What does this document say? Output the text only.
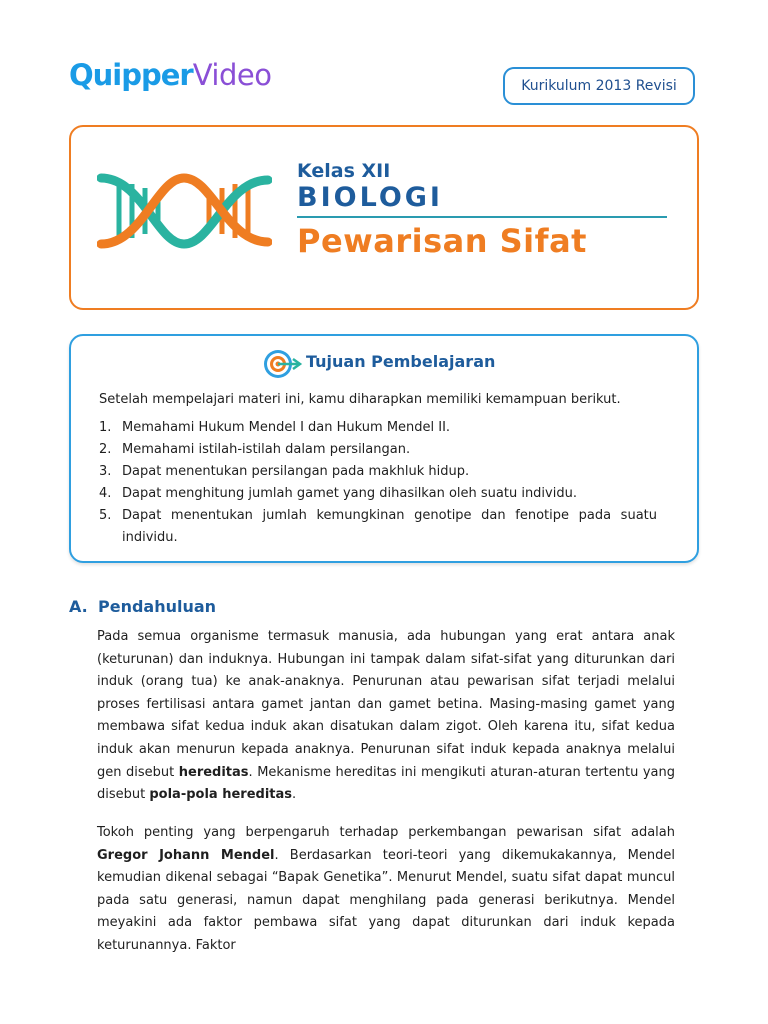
QuipperVideo	Kurikulum 2013 Revisi
Kelas XII
BIOLOGI
Pewarisan Sifat
Tujuan Pembelajaran
Setelah mempelajari materi ini, kamu diharapkan memiliki kemampuan berikut.
1. Memahami Hukum Mendel I dan Hukum Mendel II.
2. Memahami istilah-istilah dalam persilangan.
3. Dapat menentukan persilangan pada makhluk hidup.
4. Dapat menghitung jumlah gamet yang dihasilkan oleh suatu individu.
5. Dapat menentukan jumlah kemungkinan genotipe dan fenotipe pada suatu individu.
A. Pendahuluan

Pada semua organisme termasuk manusia, ada hubungan yang erat antara anak (keturunan) dan induknya. Hubungan ini tampak dalam sifat-sifat yang diturunkan dari induk (orang tua) ke anak-anaknya. Penurunan atau pewarisan sifat terjadi melalui proses fertilisasi antara gamet jantan dan gamet betina. Masing-masing gamet yang membawa sifat kedua induk akan disatukan dalam zigot. Oleh karena itu, sifat kedua induk akan menurun kepada anaknya. Penurunan sifat induk kepada anaknya melalui gen disebut hereditas. Mekanisme hereditas ini mengikuti aturan-aturan tertentu yang disebut pola-pola hereditas.

Tokoh penting yang berpengaruh terhadap perkembangan pewarisan sifat adalah Gregor Johann Mendel. Berdasarkan teori-teori yang dikemukakannya, Mendel kemudian dikenal sebagai “Bapak Genetika”. Menurut Mendel, suatu sifat dapat muncul pada satu generasi, namun dapat menghilang pada generasi berikutnya. Mendel meyakini ada faktor pembawa sifat yang dapat diturunkan dari induk kepada keturunannya. Faktor
